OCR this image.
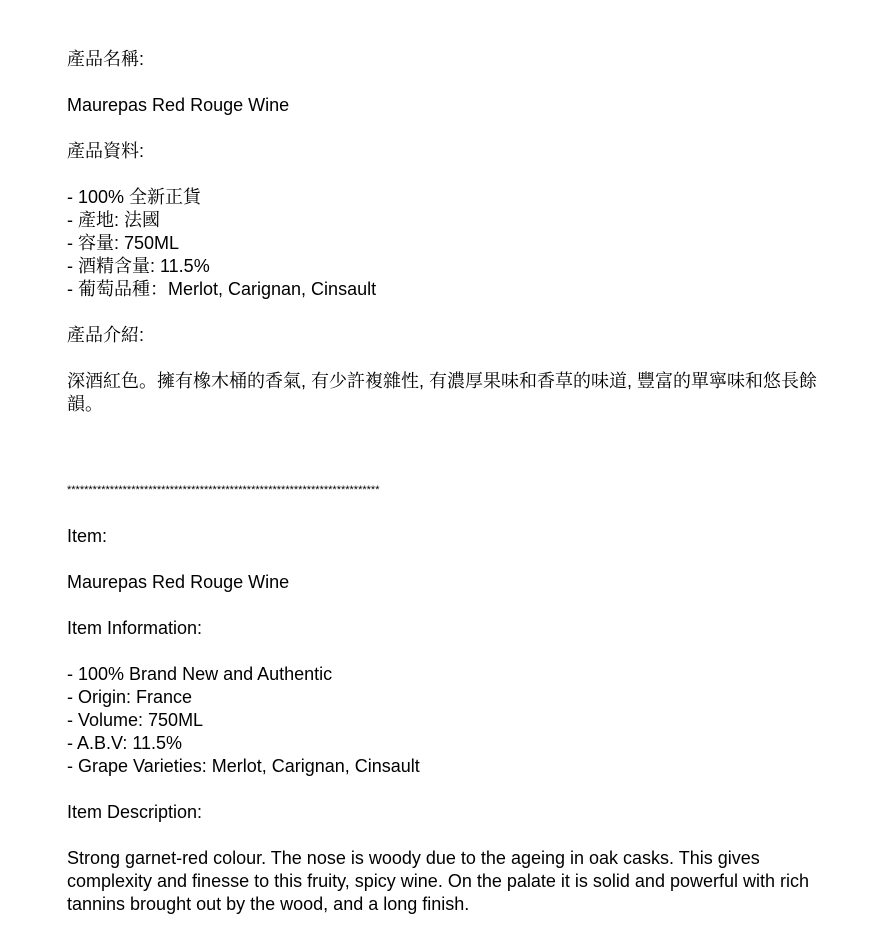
產品名稱:
Maurepas Red Rouge Wine
產品資料:
- 100% 全新正貨
- 產地: 法國
- 容量: 750ML
- 酒精含量: 11.5%
- 葡萄品種：Merlot, Carignan, Cinsault
產品介紹:
深酒紅色。擁有橡木桶的香氣, 有少許複雜性, 有濃厚果味和香草的味道, 豐富的單寧味和悠長餘韻。
*************************************************************************
Item:
Maurepas Red Rouge Wine
Item Information:
- 100% Brand New and Authentic
- Origin: France
- Volume: 750ML
- A.B.V: 11.5%
- Grape Varieties: Merlot, Carignan, Cinsault
Item Description:
Strong garnet-red colour. The nose is woody due to the ageing in oak casks. This gives complexity and finesse to this fruity, spicy wine. On the palate it is solid and powerful with rich tannins brought out by the wood, and a long finish.
